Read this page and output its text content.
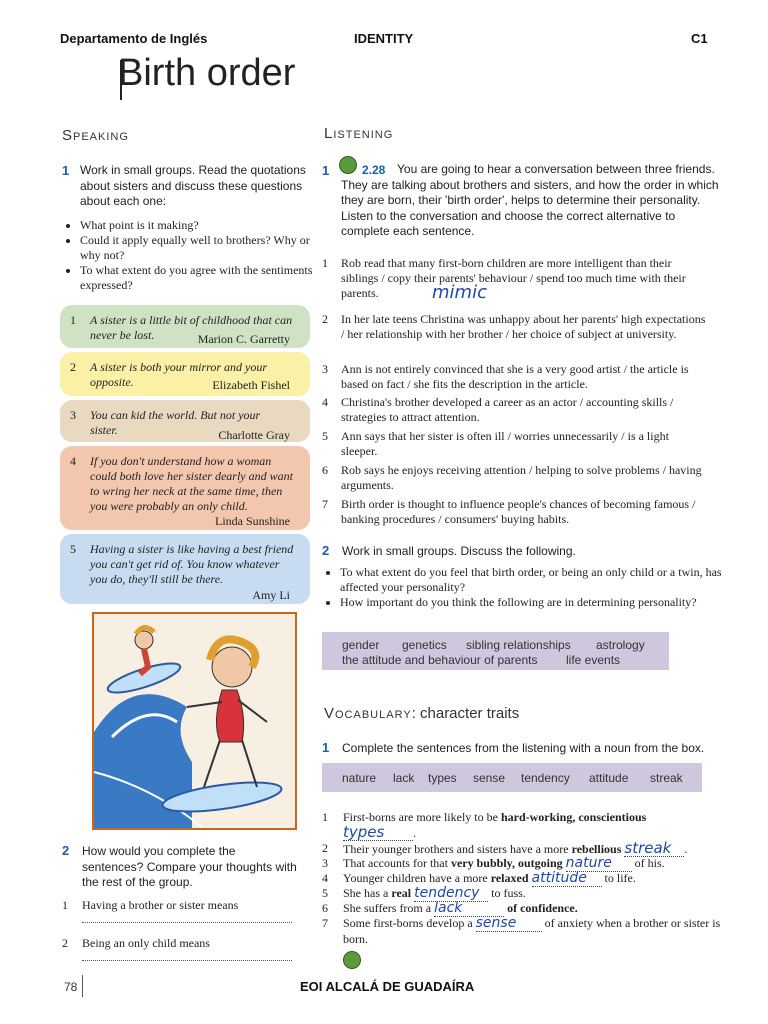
Departamento de Inglés	IDENTITY	C1
Birth order
Speaking
1 Work in small groups. Read the quotations about sisters and discuss these questions about each one:
• What point is it making?
• Could it apply equally well to brothers? Why or why not?
• To what extent do you agree with the sentiments expressed?
1 A sister is a little bit of childhood that can never be lost.	Marion C. Garretty
2 A sister is both your mirror and your opposite.	Elizabeth Fishel
3 You can kid the world. But not your sister.	Charlotte Gray
4 If you don't understand how a woman could both love her sister dearly and want to wring her neck at the same time, then you were probably an only child.
Linda Sunshine
5 Having a sister is like having a best friend you can't get rid of. You know whatever you do, they'll still be there.
Amy Li
2 How would you complete the sentences? Compare your thoughts with the rest of the group.
1 Having a brother or sister means
2 Being an only child means
Listening
1	2.28 You are going to hear a conversation between three friends. They are talking about brothers and sisters, and how the order in which they are born, their 'birth order', helps to determine their personality. Listen to the conversation and choose the correct alternative to complete each sentence.
1 Rob read that many first-born children are more intelligent than their siblings / copy their parents' behaviour / spend too much time with their parents.	mimic
2 In her late teens Christina was unhappy about her parents' high expectations / her relationship with her brother / her choice of subject at university.
3 Ann is not entirely convinced that she is a very good artist / the article is based on fact / she fits the description in the article.
4 Christina's brother developed a career as an actor / accounting skills / strategies to attract attention.
5 Ann says that her sister is often ill / worries unnecessarily / is a light sleeper.
6 Rob says he enjoys receiving attention / helping to solve problems / having arguments.
7 Birth order is thought to influence people's chances of becoming famous / banking procedures / consumers' buying habits.
2 Work in small groups. Discuss the following.
• To what extent do you feel that birth order, or being an only child or a twin, has affected your personality?
• How important do you think the following are in determining personality?
gender genetics sibling relationships astrology
the attitude and behaviour of parents life events
Vocabulary: character traits
1 Complete the sentences from the listening with a noun from the box.
nature lack types sense tendency attitude streak
1 First-borns are more likely to be hard-working, conscientious
types .
2 Their younger brothers and sisters have a more rebellious streak .
3 That accounts for that very bubbly, outgoing nature of his.
4 Younger children have a more relaxed attitude to life.
5 She has a real tendency to fuss.
6 She suffers from a lack	of confidence.
7 Some first-borns develop a sense of anxiety when a brother or sister is born.
78	EOI ALCALÁ DE GUADAÍRA
